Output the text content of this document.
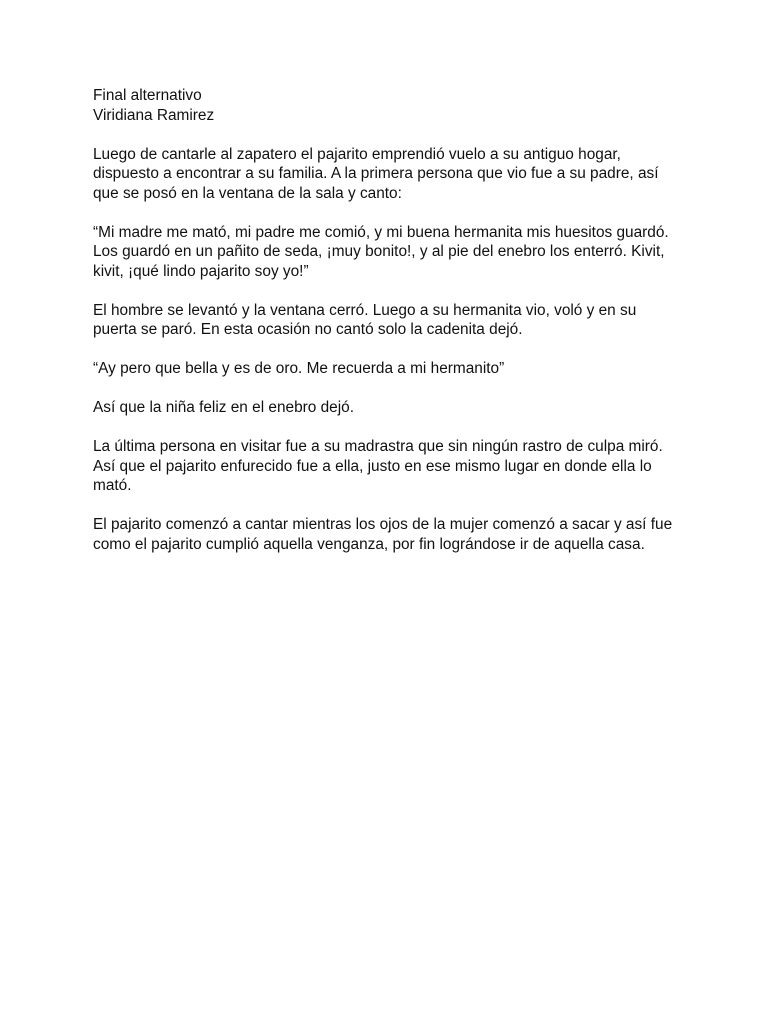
Final alternativo
Viridiana Ramirez

Luego de cantarle al zapatero el pajarito emprendió vuelo a su antiguo hogar, dispuesto a encontrar a su familia. A la primera persona que vio fue a su padre, así que se posó en la ventana de la sala y canto:

“Mi madre me mató, mi padre me comió, y mi buena hermanita mis huesitos guardó. Los guardó en un pañito de seda, ¡muy bonito!, y al pie del enebro los enterró. Kivit, kivit, ¡qué lindo pajarito soy yo!”

El hombre se levantó y la ventana cerró. Luego a su hermanita vio, voló y en su puerta se paró. En esta ocasión no cantó solo la cadenita dejó.

“Ay pero que bella y es de oro. Me recuerda a mi hermanito”

Así que la niña feliz en el enebro dejó.

La última persona en visitar fue a su madrastra que sin ningún rastro de culpa miró. Así que el pajarito enfurecido fue a ella, justo en ese mismo lugar en donde ella lo mató.

El pajarito comenzó a cantar mientras los ojos de la mujer comenzó a sacar y así fue como el pajarito cumplió aquella venganza, por fin lográndose ir de aquella casa.
